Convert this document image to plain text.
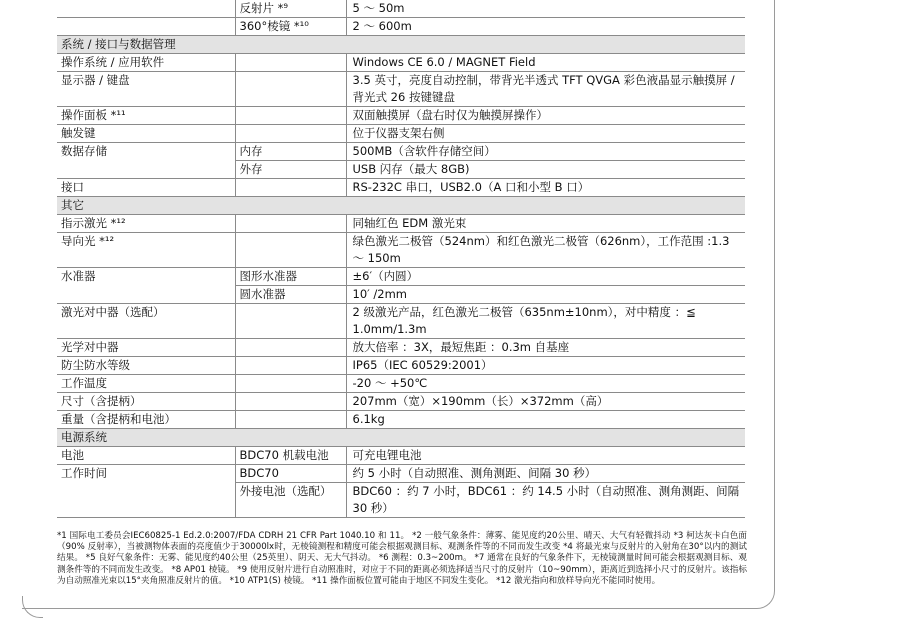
	反射片 *⁹	5 ～ 50m
	360°棱镜 *¹⁰	2 ～ 600m
系统 / 接口与数据管理		
操作系统 / 应用软件		Windows CE 6.0 / MAGNET Field
显示器 / 键盘		3.5 英寸，亮度自动控制，带背光半透式 TFT QVGA 彩色液晶显示触摸屏 / 背光式 26 按键键盘
操作面板 *¹¹		双面触摸屏（盘右时仅为触摸屏操作）
触发键		位于仪器支架右侧
数据存储	内存	500MB（含软件存储空间）
	外存	USB 闪存（最大 8GB)
接口		RS-232C 串口，USB2.0（A 口和小型 B 口）
其它		
指示激光 *¹²		同轴红色 EDM 激光束
导向光 *¹²		绿色激光二极管（524nm）和红色激光二极管（626nm），工作范围 :1.3 ～ 150m
水准器	图形水准器	±6′（内圆）
	圆水准器	10′ /2mm
激光对中器（选配）		2 级激光产品，红色激光二极管（635nm±10nm），对中精度 ：≦ 1.0mm/1.3m
光学对中器		放大倍率 ：3X，最短焦距 ：0.3m 自基座
防尘防水等级		IP65（IEC 60529:2001）
工作温度		-20 ～ +50℃
尺寸（含提柄）		207mm（宽）×190mm（长）×372mm（高）
重量（含提柄和电池）		6.1kg
电源系统		
电池	BDC70 机载电池	可充电锂电池
工作时间	BDC70	约 5 小时（自动照准、测角测距、间隔 30 秒）
	外接电池（选配）	BDC60 ：约 7 小时，BDC61 ：约 14.5 小时（自动照准、测角测距、间隔 30 秒）
*1 国际电工委员会IEC60825-1 Ed.2.0:2007/FDA CDRH 21 CFR Part 1040.10 和 11。 *2 一般气象条件：薄雾、能见度约20公里、晴天、大气有轻微抖动 *3 柯达灰卡白色面（90% 反射率），当被测物体表面的亮度值少于30000lx时，无棱镜测程和精度可能会根据观测目标、观测条件等的不同而发生改变 *4 将最光束与反射片的入射角在30°以内的测试结果。 *5 良好气象条件：无雾、能见度约40公里（25英里）、阴天、无大气抖动。 *6 测程：0.3~200m。 *7 通常在良好的气象条件下，无棱镜测量时间可能会根据观测目标、观测条件等的不同而发生改变。 *8 AP01 棱镜。 *9 使用反射片进行自动照准时，对应于不同的距离必须选择适当尺寸的反射片（10~90mm），距离近到选择小尺寸的反射片。该指标为自动照准光束以15°夹角照准反射片的值。 *10 ATP1(S) 棱镜。 *11 操作面板位置可能由于地区不同发生变化。 *12 激光指向和放样导向光不能同时使用。
